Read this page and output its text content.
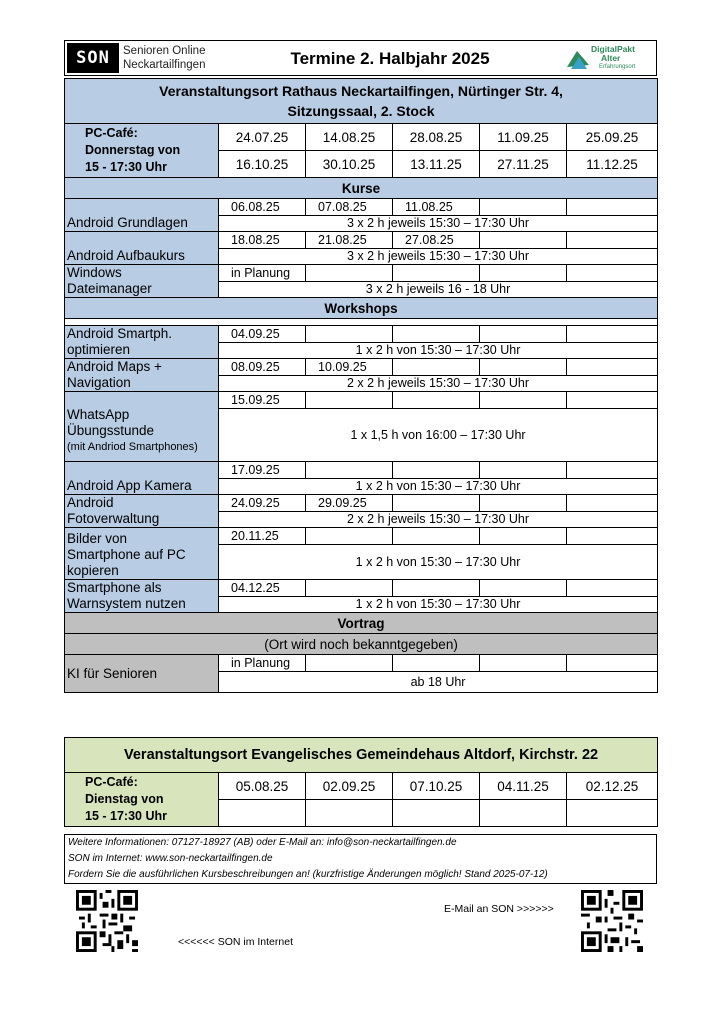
SON	Senioren Online
Neckartailfingen	Termine 2. Halbjahr 2025	DigitalPakt
Alter
Erfahrungsort
Veranstaltungsort Rathaus Neckartailfingen, Nürtinger Str. 4,
Sitzungssaal, 2. Stock					

PC-Café:
Donnerstag von
15 - 17:30 Uhr	24.07.25	14.08.25	28.08.25	11.09.25	25.09.25
	16.10.25	30.10.25	13.11.25	27.11.25	11.12.25
Kurse					
Android Grundlagen	06.08.25	07.08.25	11.08.25		
	3 x 2 h jeweils 15:30 – 17:30 Uhr				
Android Aufbaukurs	18.08.25	21.08.25	27.08.25		
	3 x 2 h jeweils 15:30 – 17:30 Uhr				

Windows
Dateimanager	in Planung				
	3 x 2 h jeweils 16 - 18 Uhr				
Workshops					

Android Smartph.
optimieren	04.09.25				
	1 x 2 h von 15:30 – 17:30 Uhr				

Android Maps +
Navigation	08.09.25	10.09.25			
	2 x 2 h jeweils 15:30 – 17:30 Uhr				

WhatsApp
Übungsstunde
(mit Andriod Smartphones)	15.09.25				
	1 x 1,5 h von 16:00 – 17:30 Uhr				
Android App Kamera	17.09.25				
	1 x 2 h von 15:30 – 17:30 Uhr				

Android
Fotoverwaltung	24.09.25	29.09.25			
	2 x 2 h jeweils 15:30 – 17:30 Uhr				

Bilder von
Smartphone auf PC
kopieren	20.11.25				
	1 x 2 h von 15:30 – 17:30 Uhr				

Smartphone als
Warnsystem nutzen	04.12.25				
	1 x 2 h von 15:30 – 17:30 Uhr				
Vortrag					
(Ort wird noch bekanntgegeben)					
KI für Senioren	in Planung				
	ab 18 Uhr				
Veranstaltungsort Evangelisches Gemeindehaus Altdorf, Kirchstr. 22					

PC-Café:
Dienstag von
15 - 17:30 Uhr	05.08.25	02.09.25	07.10.25	04.11.25	02.12.25

Weitere Informationen: 07127-18927 (AB) oder E-Mail an: info@son-neckartailfingen.de
SON im Internet: www.son-neckartailfingen.de
Fordern Sie die ausführlichen Kursbeschreibungen an! (kurzfristige Änderungen möglich! Stand 2025-07-12)
E-Mail an SON >>>>>>
<<<<<< SON im Internet
